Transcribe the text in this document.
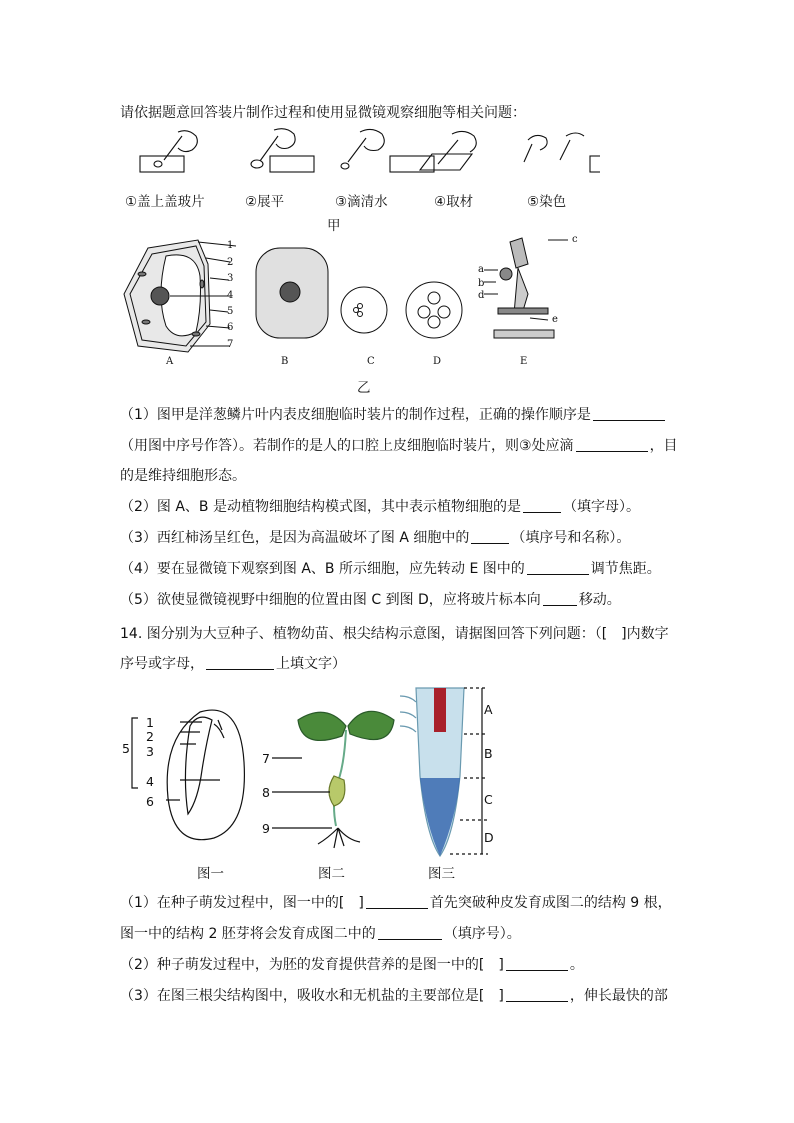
请依据题意回答装片制作过程和使用显微镜观察细胞等相关问题：
①盖上盖玻片	②展平	③滴清水	④取材	⑤染色
甲
1
2
3
4
5
6
7
a
b
d
c
e
A	B	C	D	E
乙
（1）图甲是洋葱鳞片叶内表皮细胞临时装片的制作过程，正确的操作顺序是
（用图中序号作答）。若制作的是人的口腔上皮细胞临时装片，则③处应滴	，目
的是维持细胞形态。
（2）图 A、B 是动植物细胞结构模式图，其中表示植物细胞的是	（填字母）。
（3）西红柿汤呈红色，是因为高温破坏了图 A 细胞中的	（填序号和名称）。
（4）要在显微镜下观察到图 A、B 所示细胞，应先转动 E 图中的	调节焦距。
（5）欲使显微镜视野中细胞的位置由图 C 到图 D，应将玻片标本向	移动。
14. 图分别为大豆种子、植物幼苗、根尖结构示意图，请据图回答下列问题：（[　]内数字
序号或字母，	上填文字）
1
2
3
4
5
6
7
8
9
A
B
C
D
图一	图二	图三
（1）在种子萌发过程中，图一中的[　]	首先突破种皮发育成图二的结构 9 根，
图一中的结构 2 胚芽将会发育成图二中的	（填序号）。
（2）种子萌发过程中，为胚的发育提供营养的是图一中的[　]	。
（3）在图三根尖结构图中，吸收水和无机盐的主要部位是[　]	，伸长最快的部
